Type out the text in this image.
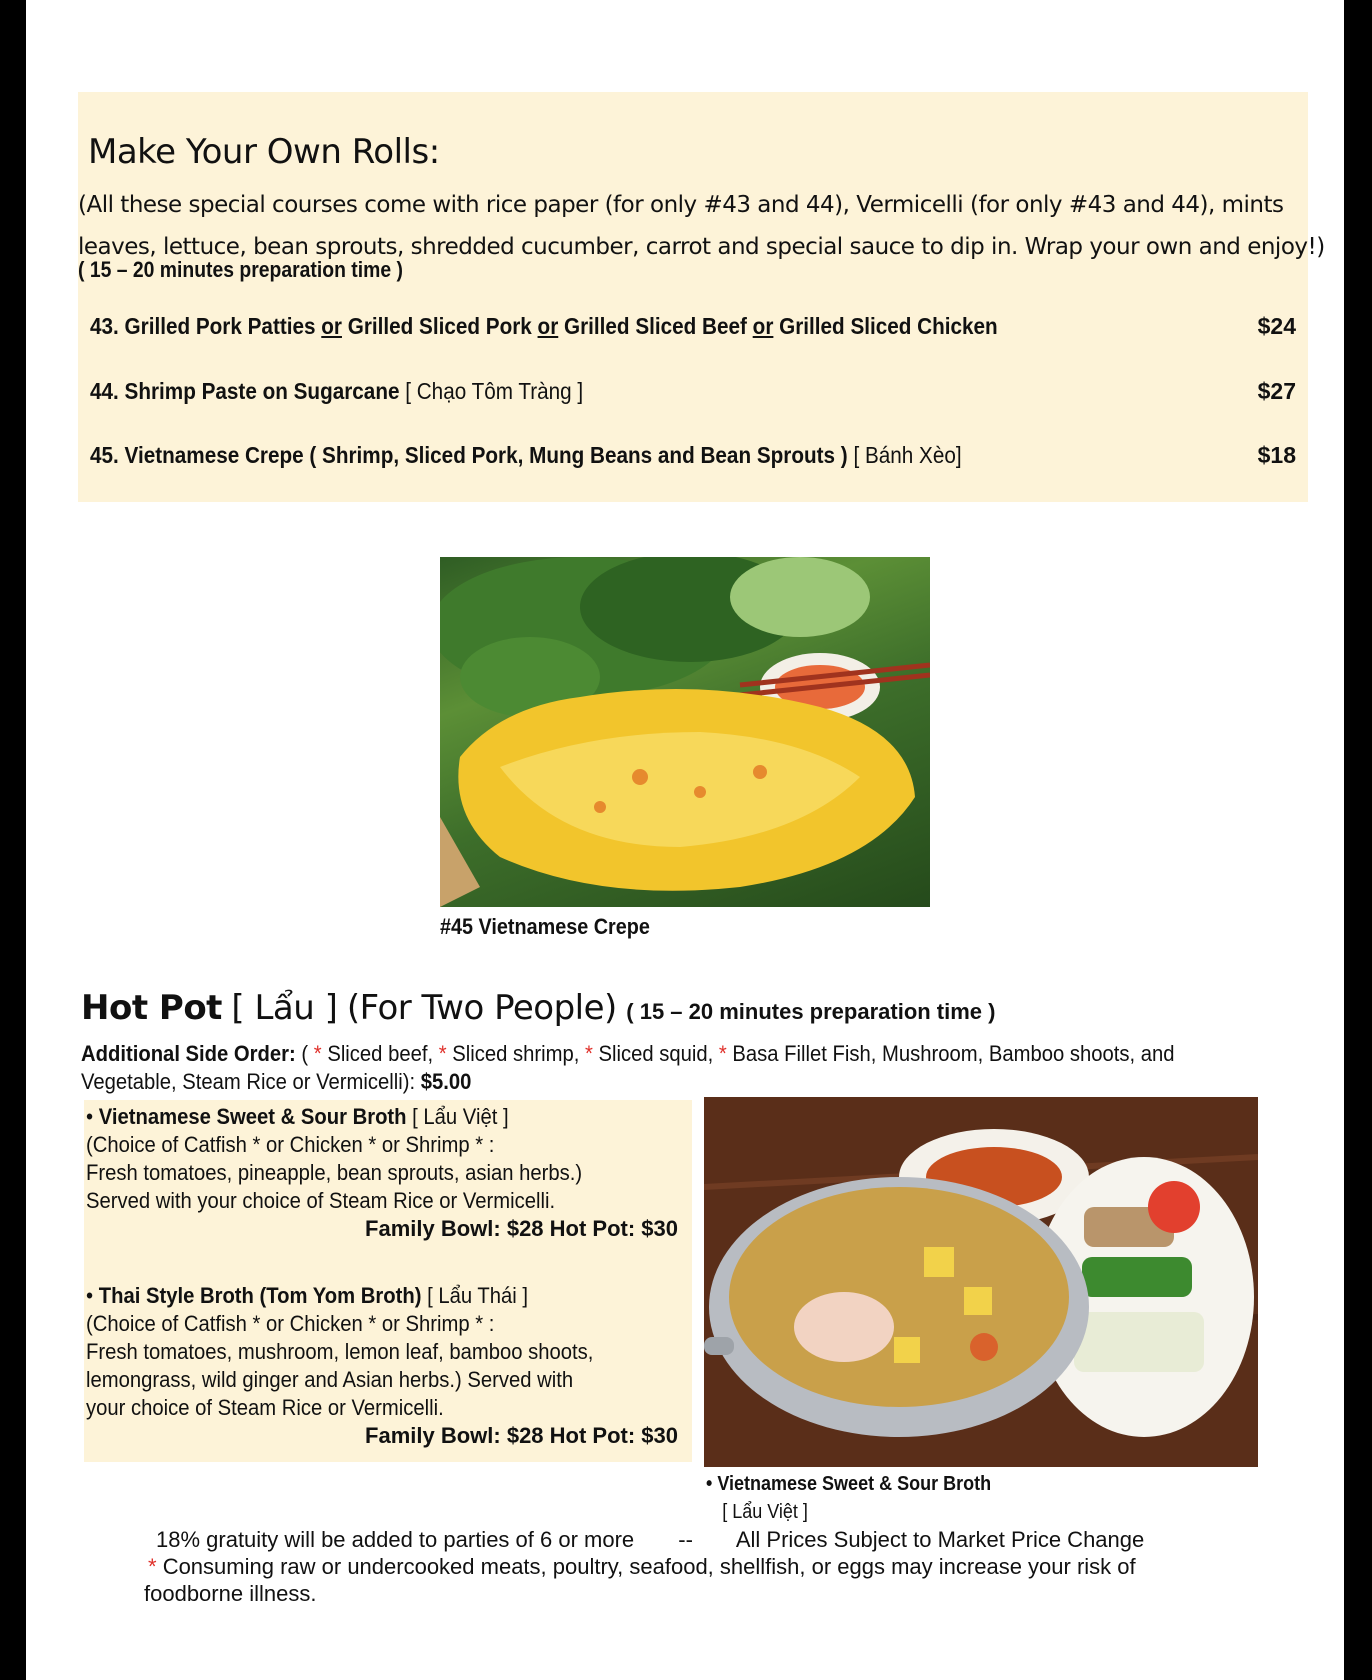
Make Your Own Rolls:
(All these special courses come with rice paper (for only #43 and 44), Vermicelli (for only #43 and 44), mints
leaves, lettuce, bean sprouts, shredded cucumber, carrot and special sauce to dip in. Wrap your own and enjoy!)
( 15 – 20 minutes preparation time )
43. Grilled Pork Patties or Grilled Sliced Pork or Grilled Sliced Beef or Grilled Sliced Chicken	$24
44. Shrimp Paste on Sugarcane [ Chạo Tôm Tràng ]	$27
45. Vietnamese Crepe ( Shrimp, Sliced Pork, Mung Beans and Bean Sprouts ) [ Bánh Xèo]	$18
#45 Vietnamese Crepe
Hot Pot [ Lẩu ] (For Two People) ( 15 – 20 minutes preparation time )
Additional Side Order: ( * Sliced beef, * Sliced shrimp, * Sliced squid, * Basa Fillet Fish, Mushroom, Bamboo shoots, and Vegetable, Steam Rice or Vermicelli): $5.00
• Vietnamese Sweet & Sour Broth [ Lẩu Việt ] (Choice of Catfish * or Chicken * or Shrimp * : Fresh tomatoes, pineapple, bean sprouts, asian herbs.) Served with your choice of Steam Rice or Vermicelli.
Family Bowl: $28 Hot Pot: $30
• Thai Style Broth (Tom Yom Broth) [ Lẩu Thái ] (Choice of Catfish * or Chicken * or Shrimp * : Fresh tomatoes, mushroom, lemon leaf, bamboo shoots, lemongrass, wild ginger and Asian herbs.) Served with your choice of Steam Rice or Vermicelli.
Family Bowl: $28 Hot Pot: $30
• Vietnamese Sweet & Sour Broth
[ Lẩu Việt ]
18% gratuity will be added to parties of 6 or more -- All Prices Subject to Market Price Change
* Consuming raw or undercooked meats, poultry, seafood, shellfish, or eggs may increase your risk of
foodborne illness.
